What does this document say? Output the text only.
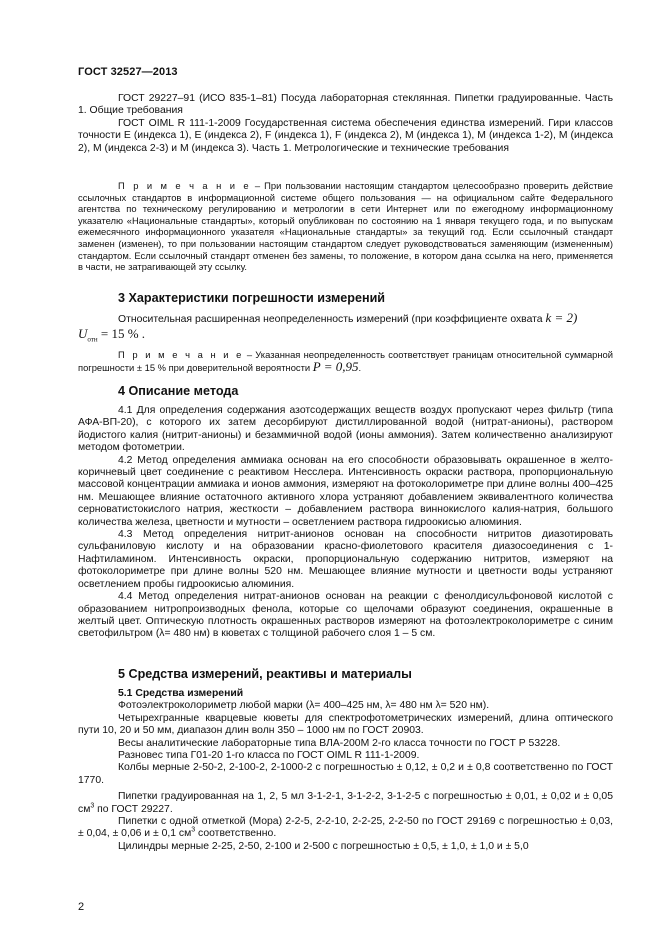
ГОСТ 32527—2013

ГОСТ 29227–91 (ИСО 835-1–81) Посуда лабораторная стеклянная. Пипетки градуированные. Часть 1. Общие требования

ГОСТ OIML R 111-1-2009 Государственная система обеспечения единства измерений. Гири классов точности E (индекса 1), E (индекса 2), F (индекса 1), F (индекса 2), M (индекса 1), M (индекса 1-2), M (индекса 2), M (индекса 2-3) и M (индекса 3). Часть 1. Метрологические и технические требования

П р и м е ч а н и е – При пользовании настоящим стандартом целесообразно проверить действие ссылочных стандартов в информационной системе общего пользования — на официальном сайте Федерального агентства по техническому регулированию и метрологии в сети Интернет или по ежегодному информационному указателю «Национальные стандарты», который опубликован по состоянию на 1 января текущего года, и по выпускам ежемесячного информационного указателя «Национальные стандарты» за текущий год. Если ссылочный стандарт заменен (изменен), то при пользовании настоящим стандартом следует руководствоваться заменяющим (измененным) стандартом. Если ссылочный стандарт отменен без замены, то положение, в котором дана ссылка на него, применяется в части, не затрагивающей эту ссылку.

3 Характеристики погрешности измерений

Относительная расширенная неопределенность измерений (при коэффициенте охвата k = 2)

$U_{отн} = 15$ % .

П р и м е ч а н и е – Указанная неопределенность соответствует границам относительной суммарной погрешности ± 15 % при доверительной вероятности P = 0,95.

4 Описание метода

4.1 Для определения содержания азотсодержащих веществ воздух пропускают через фильтр (типа АФА-ВП-20), с которого их затем десорбируют дистиллированной водой (нитрат-анионы), раствором йодистого калия (нитрит-анионы) и безаммичной водой (ионы аммония). Затем количественно анализируют методом фотометрии.

4.2 Метод определения аммиака основан на его способности образовывать окрашенное в желто-коричневый цвет соединение с реактивом Несслера. Интенсивность окраски раствора, пропорциональную массовой концентрации аммиака и ионов аммония, измеряют на фотоколориметре при длине волны 400–425 нм. Мешающее влияние остаточного активного хлора устраняют добавлением эквивалентного количества серноватистокислого натрия, жесткости – добавлением раствора виннокислого калия-натрия, большого количества железа, цветности и мутности – осветлением раствора гидроокисью алюминия.

4.3 Метод определения нитрит-анионов основан на способности нитритов диазотировать сульфаниловую кислоту и на образовании красно-фиолетового красителя диазосоединения с 1-Нафтиламином. Интенсивность окраски, пропорциональную содержанию нитритов, измеряют на фотоколориметре при длине волны 520 нм. Мешающее влияние мутности и цветности воды устраняют осветлением пробы гидроокисью алюминия.

4.4 Метод определения нитрат-анионов основан на реакции с фенолдисульфоновой кислотой с образованием нитропроизводных фенола, которые со щелочами образуют соединения, окрашенные в желтый цвет. Оптическую плотность окрашенных растворов измеряют на фотоэлектроколориметре с синим светофильтром (λ= 480 нм) в кюветах с толщиной рабочего слоя 1 – 5 см.

5 Средства измерений, реактивы и материалы
5.1 Средства измерений

Фотоэлектроколориметр любой марки (λ= 400–425 нм, λ= 480 нм λ= 520 нм).

Четырехгранные кварцевые кюветы для спектрофотометрических измерений, длина оптического пути 10, 20 и 50 мм, диапазон длин волн 350 – 1000 нм по ГОСТ 20903.

Весы аналитические лабораторные типа ВЛА-200М 2-го класса точности по ГОСТ Р 53228.

Разновес типа Г01-20 1-го класса по ГОСТ OIML R 111-1-2009.

Колбы мерные 2-50-2, 2-100-2, 2-1000-2 с погрешностью ± 0,12, ± 0,2 и ± 0,8 соответственно по ГОСТ 1770.

Пипетки градуированная на 1, 2, 5 мл 3-1-2-1, 3-1-2-2, 3-1-2-5 с погрешностью ± 0,01, ± 0,02 и ± 0,05 $см^3$ по ГОСТ 29227.

Пипетки с одной отметкой (Мора) 2-2-5, 2-2-10, 2-2-25, 2-2-50 по ГОСТ 29169 с погрешностью ± 0,03, ± 0,04, ± 0,06 и ± 0,1 $см^3$ соответственно.

Цилиндры мерные 2-25, 2-50, 2-100 и 2-500 с погрешностью ± 0,5, ± 1,0, ± 1,0 и ± 5,0

2
